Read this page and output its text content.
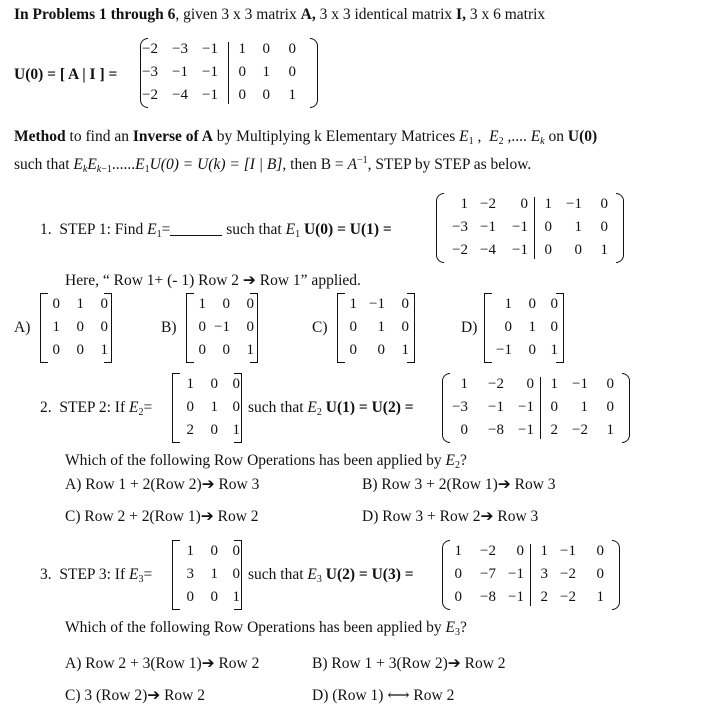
In Problems 1 through 6, given 3 x 3 matrix A, 3 x 3 identical matrix I, 3 x 6 matrix
U(0) = [ A | I ] =
−2 −3 −1	1	0	0
−3 −1 −1	0	1	0
−2 −4 −1	0	0	1
Method to find an Inverse of A by Multiplying k Elementary Matrices $E_1$ ,  $E_2$ ,.... $E_k$ on U(0)
such that $E_kE_{k-1}......E_1U(0) = U(k) = [I$ | B], then $B = A^{-1}$, STEP by STEP as below.
1. STEP 1: Find $E_1=$	such that $E_1$ U(0) = U(1) =
1 −2	0	1 −1	0
−3 −1 −1	0	1	0
−2 −4 −1	0	0	1
Here, “ Row 1+ (- 1) Row 2 ➔ Row 1” applied.
A)
0	1	0
1	0	0
0	0	1
B)
1	0	0
0 −1	0
0	0	1
C)
1 −1	0
0	1	0
0	0	1
D)
1	0 0
0	1 0
−1	0 1
2. STEP 2: If $E_2=$
1	0 0
0	1 0
2	0 1
such that $E_2$ U(1) = U(2) =
1 −2	0	1 −1	0
−3 −1 −1	0	1	0
0 −8 −1	2 −2	1
Which of the following Row Operations has been applied by $E_2$?
A) Row 1 + 2(Row 2)➔ Row 3	B) Row 3 + 2(Row 1)➔ Row 3
C) Row 2 + 2(Row 1)➔ Row 2	D) Row 3 + Row 2➔ Row 3
3. STEP 3: If $E_3=$
1	0 0
3	1 0
0	0 1
such that $E_3$ U(2) = U(3) =
1 −2	0	1 −1	0
0 −7 −1	3 −2	0
0 −8 −1	2 −2	1
Which of the following Row Operations has been applied by $E_3$?
A) Row 2 + 3(Row 1)➔ Row 2	B) Row 1 + 3(Row 2)➔ Row 2
C) 3 (Row 2)➔ Row 2	D) (Row 1) ⟷ Row 2
